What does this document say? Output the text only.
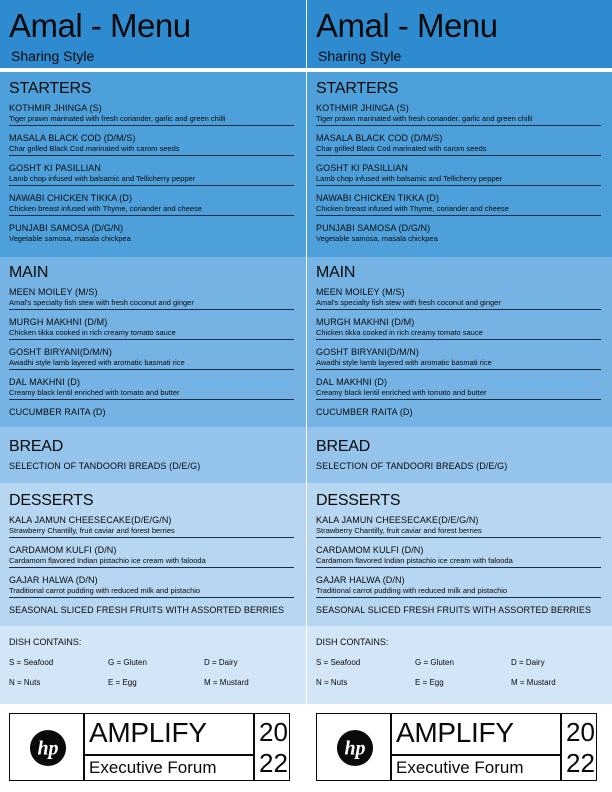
Amal - Menu
Sharing Style
STARTERS
KOTHMIR JHINGA (S)
Tiger prawn marinated with fresh coriander, garlic and green chilli
MASALA BLACK COD (D/M/S)
Char grilled Black Cod marinated with carom seeds
GOSHT KI PASILLIAN
Lamb chop infused with balsamic and Tellicherry pepper
NAWABI CHICKEN TIKKA (D)
Chicken breast infused with Thyme, coriander and cheese
PUNJABI SAMOSA (D/G/N)
Vegetable samosa, masala chickpea
MAIN
MEEN MOILEY (M/S)
Amal's specialty fish stew with fresh coconut and ginger
MURGH MAKHNI (D/M)
Chicken tikka cooked in rich creamy tomato sauce
GOSHT BIRYANI(D/M/N)
Awadhi style lamb layered with aromatic basmati rice
DAL MAKHNI (D)
Creamy black lentil enriched with tomato and butter
CUCUMBER RAITA (D)
BREAD
SELECTION OF TANDOORI BREADS (D/E/G)
DESSERTS
KALA JAMUN CHEESECAKE(D/E/G/N)
Strawberry Chantilly, fruit caviar and forest berries
CARDAMOM KULFI (D/N)
Cardamom flavored Indian pistachio ice cream with falooda
GAJAR HALWA (D/N)
Traditional carrot pudding with reduced milk and pistachio
SEASONAL SLICED FRESH FRUITS WITH ASSORTED BERRIES
DISH CONTAINS:
S = Seafood	G = Gluten	D = Dairy
N = Nuts	E = Egg	M = Mustard
hp
AMPLIFY
Executive Forum
20
22
Amal - Menu
Sharing Style
STARTERS
KOTHMIR JHINGA (S)
Tiger prawn marinated with fresh coriander, garlic and green chilli
MASALA BLACK COD (D/M/S)
Char grilled Black Cod marinated with carom seeds
GOSHT KI PASILLIAN
Lamb chop infused with balsamic and Tellicherry pepper
NAWABI CHICKEN TIKKA (D)
Chicken breast infused with Thyme, coriander and cheese
PUNJABI SAMOSA (D/G/N)
Vegetable samosa, masala chickpea
MAIN
MEEN MOILEY (M/S)
Amal's specialty fish stew with fresh coconut and ginger
MURGH MAKHNI (D/M)
Chicken tikka cooked in rich creamy tomato sauce
GOSHT BIRYANI(D/M/N)
Awadhi style lamb layered with aromatic basmati rice
DAL MAKHNI (D)
Creamy black lentil enriched with tomato and butter
CUCUMBER RAITA (D)
BREAD
SELECTION OF TANDOORI BREADS (D/E/G)
DESSERTS
KALA JAMUN CHEESECAKE(D/E/G/N)
Strawberry Chantilly, fruit caviar and forest berries
CARDAMOM KULFI (D/N)
Cardamom flavored Indian pistachio ice cream with falooda
GAJAR HALWA (D/N)
Traditional carrot pudding with reduced milk and pistachio
SEASONAL SLICED FRESH FRUITS WITH ASSORTED BERRIES
DISH CONTAINS:
S = Seafood	G = Gluten	D = Dairy
N = Nuts	E = Egg	M = Mustard
hp
AMPLIFY
Executive Forum
20
22
